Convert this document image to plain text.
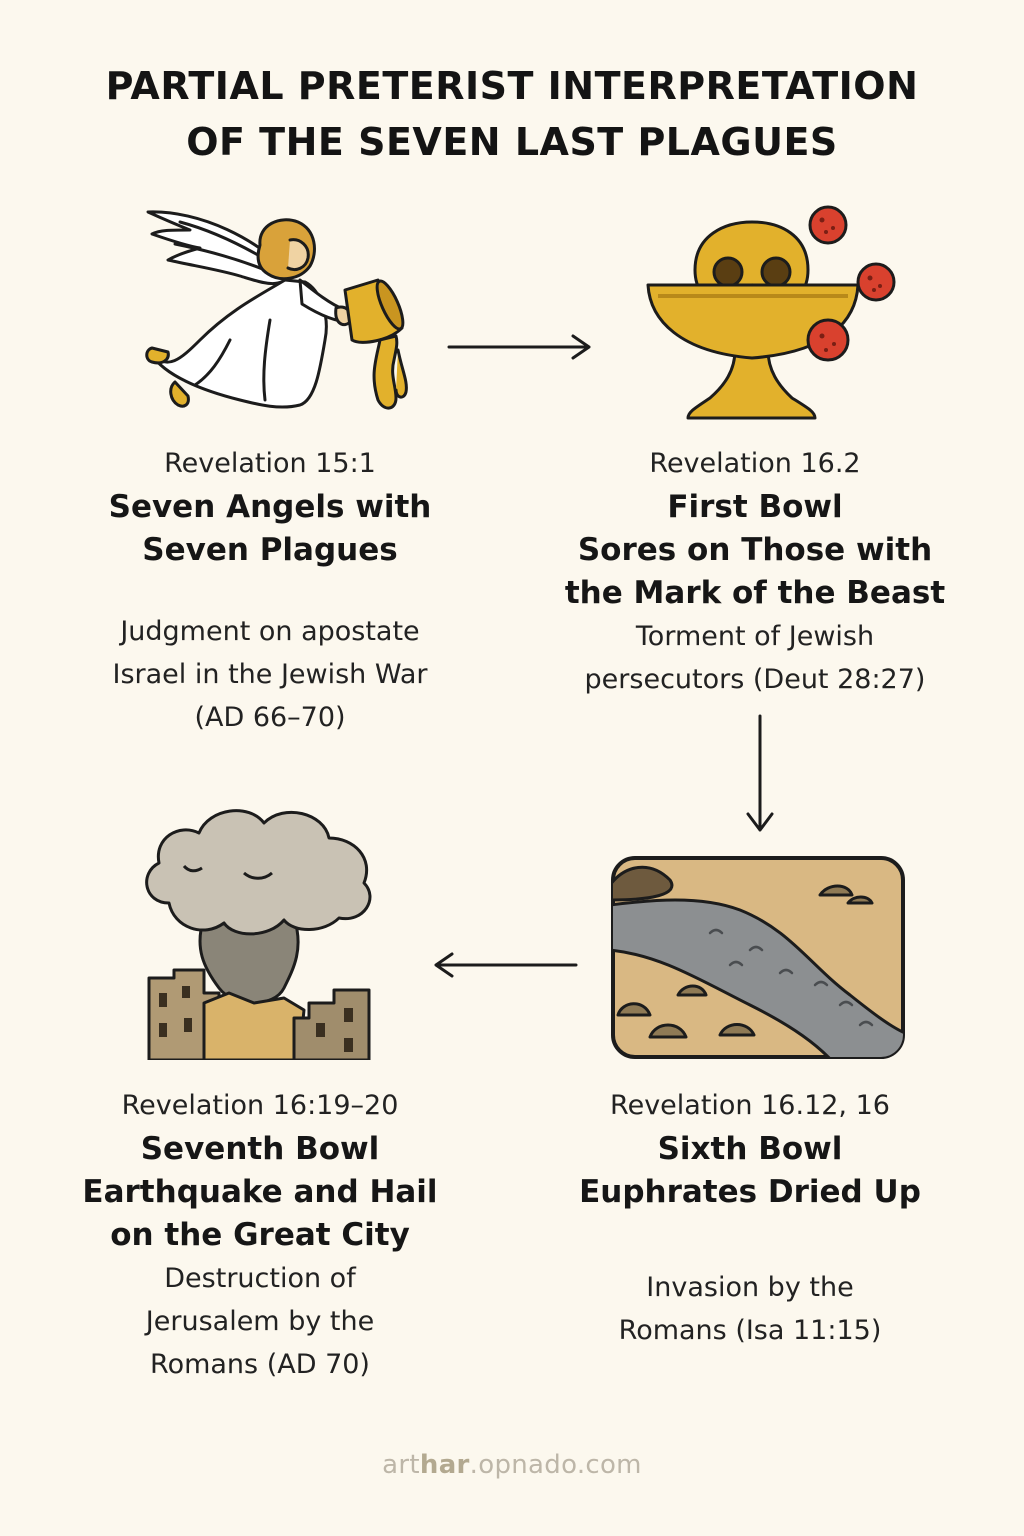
PARTIAL PRETERIST INTERPRETATION
OF THE SEVEN LAST PLAGUES
Revelation 15:1
Seven Angels with
Seven Plagues
Judgment on apostate
Israel in the Jewish War
(AD 66–70)
Revelation 16.2
First Bowl
Sores on Those with
the Mark of the Beast
Torment of Jewish
persecutors (Deut 28:27)
Revelation 16:19–20
Seventh Bowl
Earthquake and Hail
on the Great City
Destruction of
Jerusalem by the
Romans (AD 70)
Revelation 16.12, 16
Sixth Bowl
Euphrates Dried Up
Invasion by the
Romans (Isa 11:15)
arthar.opnado.com
